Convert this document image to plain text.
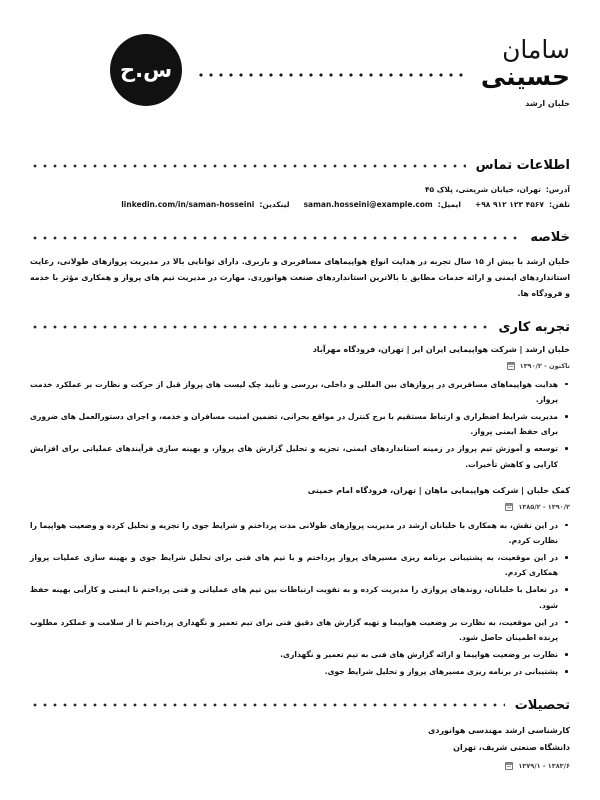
سامان
حسینی
خلبان ارشد
س.ح
اطلاعات تماس
آدرس:
تهران، خیابان شریعتی، پلاک ۴۵
تلفن:
+۹۸ ۹۱۲ ۱۲۳ ۴۵۶۷
ایمیل:
saman.hosseini@example.com
لینکدین:
linkedin.com/in/saman-hosseini
خلاصه

خلبان ارشد با بیش از ۱۵ سال تجربه در هدایت انواع هواپیماهای مسافربری و باربری. دارای توانایی بالا در مدیریت پروازهای طولانی، رعایت استانداردهای ایمنی و ارائه خدمات مطابق با بالاترین استانداردهای صنعت هوانوردی. مهارت در مدیریت تیم های پرواز و همکاری مؤثر با خدمه و فرودگاه ها.

تجربه کاری
خلبان ارشد | شرکت هواپیمایی ایران ایر | تهران، فرودگاه مهرآباد
۱۳۹۰/۲ - تاکنون
هدایت هواپیماهای مسافربری در پروازهای بین المللی و داخلی، بررسی و تأیید چک لیست های پرواز قبل از حرکت و نظارت بر عملکرد خدمت پرواز.
مدیریت شرایط اضطراری و ارتباط مستقیم با برج کنترل در مواقع بحرانی، تضمین امنیت مسافران و خدمه، و اجرای دستورالعمل های ضروری برای حفظ ایمنی پرواز.
توسعه و آموزش تیم پرواز در زمینه استانداردهای ایمنی، تجزیه و تحلیل گزارش های پرواز، و بهینه سازی فرآیندهای عملیاتی برای افزایش کارایی و کاهش تأخیرات.
کمک خلبان | شرکت هواپیمایی ماهان | تهران، فرودگاه امام خمینی
۱۳۸۵/۲ - ۱۳۹۰/۲
در این نقش، به همکاری با خلبانان ارشد در مدیریت پروازهای طولانی مدت پرداختم و شرایط جوی را تجزیه و تحلیل کرده و وضعیت هواپیما را نظارت کردم.
در این موقعیت، به پشتیبانی برنامه ریزی مسیرهای پرواز پرداختم و با تیم های فنی برای تحلیل شرایط جوی و بهینه سازی عملیات پرواز همکاری کردم.
در تعامل با خلبانان، روندهای پروازی را مدیریت کرده و به تقویت ارتباطات بین تیم های عملیاتی و فنی پرداختم تا ایمنی و کارآیی بهینه حفظ شود.
در این موقعیت، به نظارت بر وضعیت هواپیما و تهیه گزارش های دقیق فنی برای تیم تعمیر و نگهداری پرداختم تا از سلامت و عملکرد مطلوب پرنده اطمینان حاصل شود.
نظارت بر وضعیت هواپیما و ارائه گزارش های فنی به تیم تعمیر و نگهداری.
پشتیبانی در برنامه ریزی مسیرهای پرواز و تحلیل شرایط جوی.
تحصیلات
کارشناسی ارشد مهندسی هوانوردی
دانشگاه صنعتی شریف، تهران
۱۳۷۹/۱ - ۱۳۸۳/۶
